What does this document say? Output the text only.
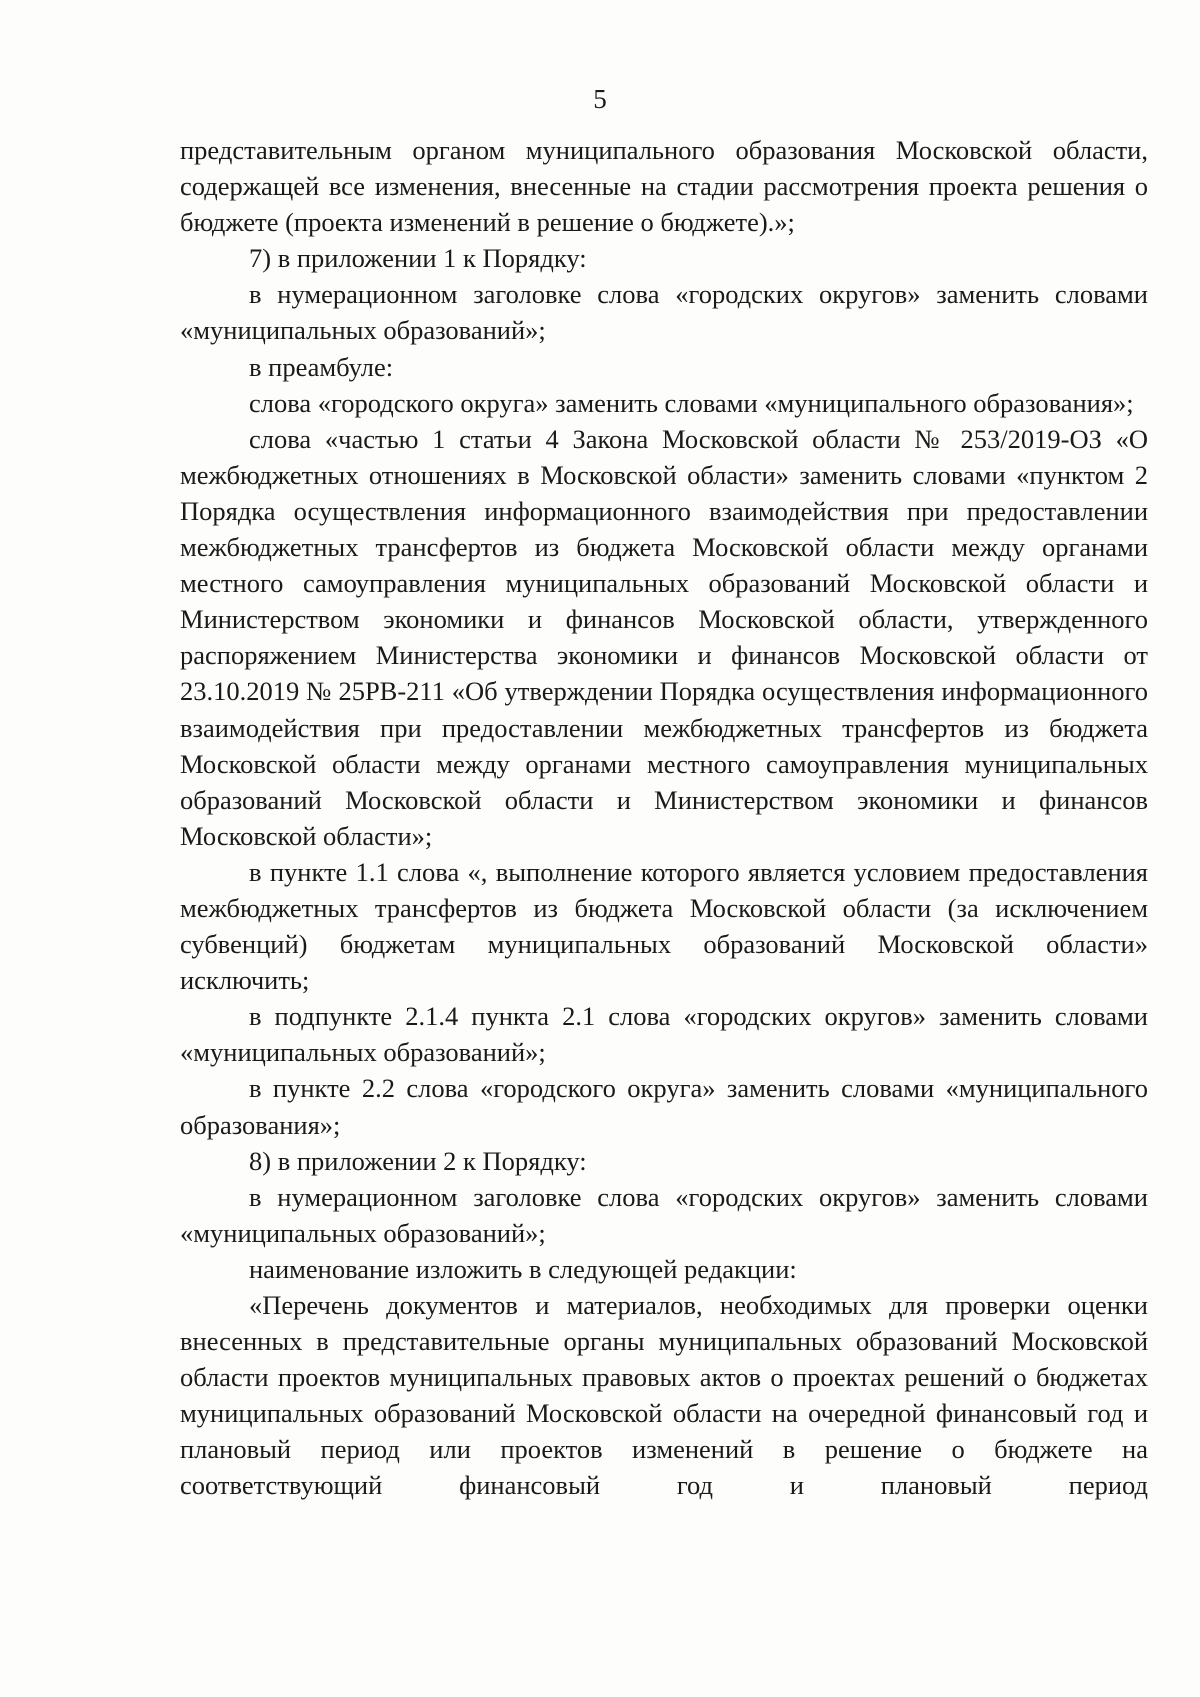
5

представительным органом муниципального образования Московской области, содержащей все изменения, внесенные на стадии рассмотрения проекта решения о бюджете (проекта изменений в решение о бюджете).»;

7) в приложении 1 к Порядку:

в нумерационном заголовке слова «городских округов» заменить словами «муниципальных образований»;

в преамбуле:

слова «городского округа» заменить словами «муниципального образования»;

слова «частью 1 статьи 4 Закона Московской области № 253/2019-ОЗ «О межбюджетных отношениях в Московской области» заменить словами «пунктом 2 Порядка осуществления информационного взаимодействия при предоставлении межбюджетных трансфертов из бюджета Московской области между органами местного самоуправления муниципальных образований Московской области и Министерством экономики и финансов Московской области, утвержденного распоряжением Министерства экономики и финансов Московской области от 23.10.2019 № 25РВ-211 «Об утверждении Порядка осуществления информационного взаимодействия при предоставлении межбюджетных трансфертов из бюджета Московской области между органами местного самоуправления муниципальных образований Московской области и Министерством экономики и финансов Московской области»;

в пункте 1.1 слова «, выполнение которого является условием предоставления межбюджетных трансфертов из бюджета Московской области (за исключением субвенций) бюджетам муниципальных образований Московской области» исключить;

в подпункте 2.1.4 пункта 2.1 слова «городских округов» заменить словами «муниципальных образований»;

в пункте 2.2 слова «городского округа» заменить словами «муниципального образования»;

8) в приложении 2 к Порядку:

в нумерационном заголовке слова «городских округов» заменить словами «муниципальных образований»;

наименование изложить в следующей редакции:

«Перечень документов и материалов, необходимых для проверки оценки внесенных в представительные органы муниципальных образований Московской области проектов муниципальных правовых актов о проектах решений о бюджетах муниципальных образований Московской области на очередной финансовый год и плановый период или проектов изменений в решение о бюджете на соответствующий финансовый год и плановый период
